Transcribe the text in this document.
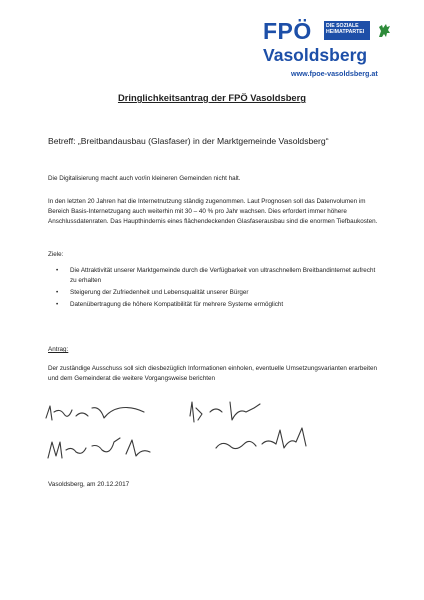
FPÖ	DIE SOZIALE HEIMATPARTEI
Vasoldsberg
www.fpoe-vasoldsberg.at
Dringlichkeitsantrag der FPÖ Vasoldsberg
Betreff: „Breitbandausbau (Glasfaser) in der Marktgemeinde Vasoldsberg“
Die Digitalisierung macht auch vor/in kleineren Gemeinden nicht halt.
In den letzten 20 Jahren hat die Internetnutzung ständig zugenommen. Laut Prognosen soll das Datenvolumen im Bereich Basis-Internetzugang auch weiterhin mit 30 – 40 % pro Jahr wachsen. Dies erfordert immer höhere Anschlussdatenraten. Das Haupthindernis eines flächendeckenden Glasfaserausbau sind die enormen Tiefbaukosten.
Ziele:
• Die Attraktivität unserer Marktgemeinde durch die Verfügbarkeit von ultraschnellem Breitbandinternet aufrecht zu erhalten
• Steigerung der Zufriedenheit und Lebensqualität unserer Bürger
• Datenübertragung die höhere Kompatibilität für mehrere Systeme ermöglicht
Antrag:
Der zuständige Ausschuss soll sich diesbezüglich Informationen einholen, eventuelle Umsetzungsvarianten erarbeiten und dem Gemeinderat die weitere Vorgangsweise berichten
Vasoldsberg, am 20.12.2017
